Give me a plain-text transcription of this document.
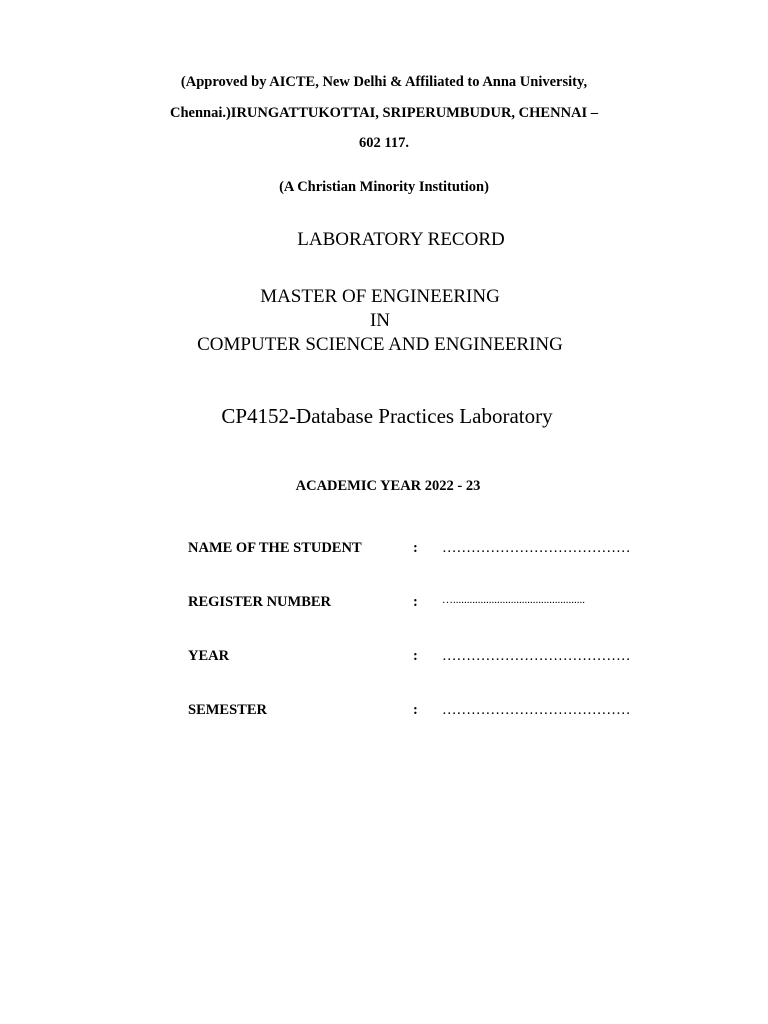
(Approved by AICTE, New Delhi & Affiliated to Anna University,
Chennai.)IRUNGATTUKOTTAI, SRIPERUMBUDUR, CHENNAI –
602 117.
(A Christian Minority Institution)
LABORATORY RECORD
MASTER OF ENGINEERING
IN
COMPUTER SCIENCE AND ENGINEERING
CP4152-Database Practices Laboratory
ACADEMIC YEAR 2022 - 23
NAME OF THE STUDENT	: …………………………………
REGISTER NUMBER	: …................................................
YEAR	: …………………………………
SEMESTER	: …………………………………
